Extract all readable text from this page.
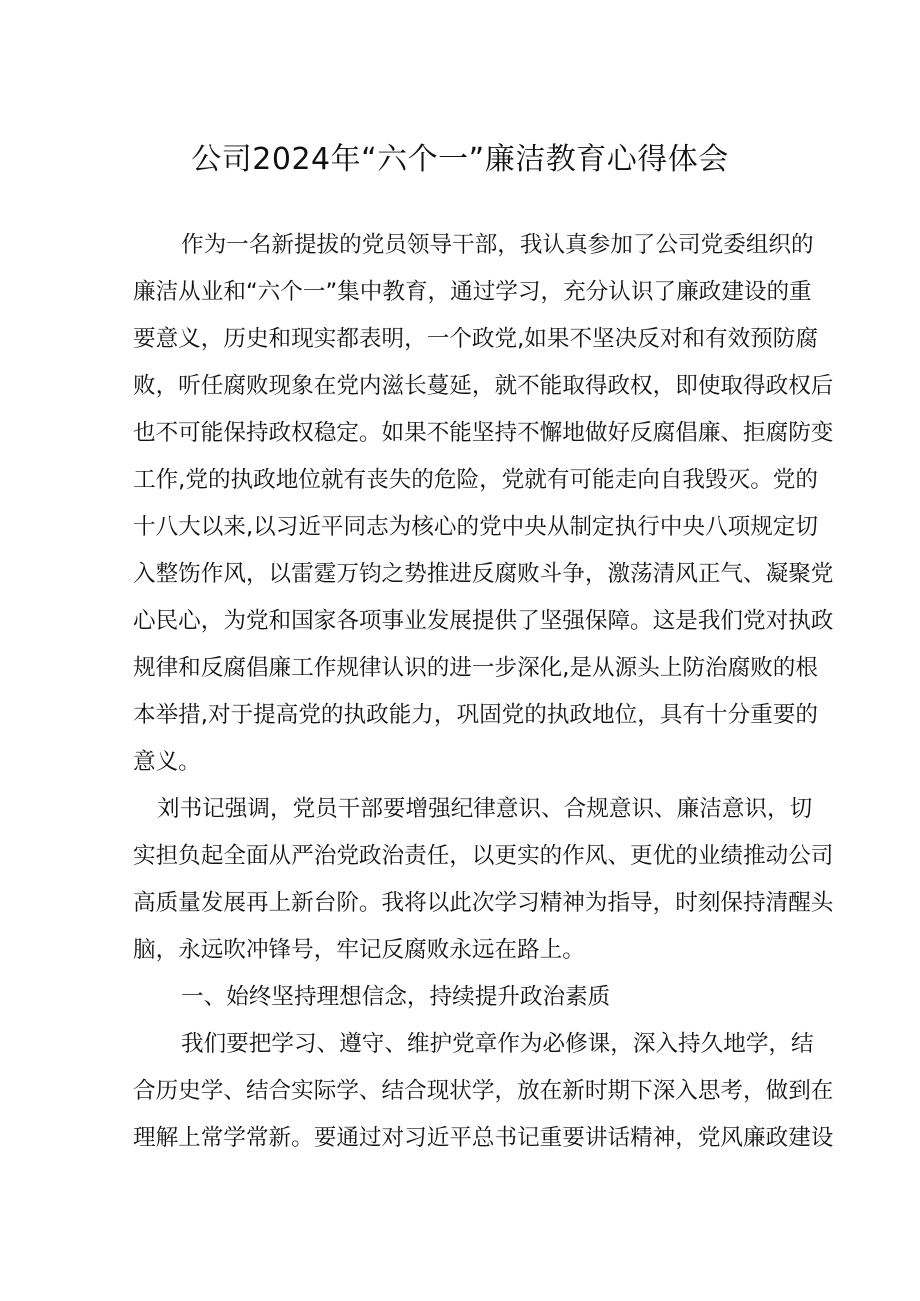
公司2024年“六个一”廉洁教育心得体会
作为一名新提拔的党员领导干部，我认真参加了公司党委组织的
廉洁从业和“六个一”集中教育，通过学习，充分认识了廉政建设的重
要意义，历史和现实都表明，一个政党,如果不坚决反对和有效预防腐
败，听任腐败现象在党内滋长蔓延，就不能取得政权，即使取得政权后
也不可能保持政权稳定。如果不能坚持不懈地做好反腐倡廉、拒腐防变
工作,党的执政地位就有丧失的危险，党就有可能走向自我毁灭。党的
十八大以来,以习近平同志为核心的党中央从制定执行中央八项规定切
入整饬作风，以雷霆万钧之势推进反腐败斗争，激荡清风正气、凝聚党
心民心，为党和国家各项事业发展提供了坚强保障。这是我们党对执政
规律和反腐倡廉工作规律认识的进一步深化,是从源头上防治腐败的根
本举措,对于提高党的执政能力，巩固党的执政地位，具有十分重要的
意义。
刘书记强调，党员干部要增强纪律意识、合规意识、廉洁意识，切
实担负起全面从严治党政治责任，以更实的作风、更优的业绩推动公司
高质量发展再上新台阶。我将以此次学习精神为指导，时刻保持清醒头
脑，永远吹冲锋号，牢记反腐败永远在路上。
一、始终坚持理想信念，持续提升政治素质
我们要把学习、遵守、维护党章作为必修课，深入持久地学，结
合历史学、结合实际学、结合现状学，放在新时期下深入思考，做到在
理解上常学常新。要通过对习近平总书记重要讲话精神，党风廉政建设
